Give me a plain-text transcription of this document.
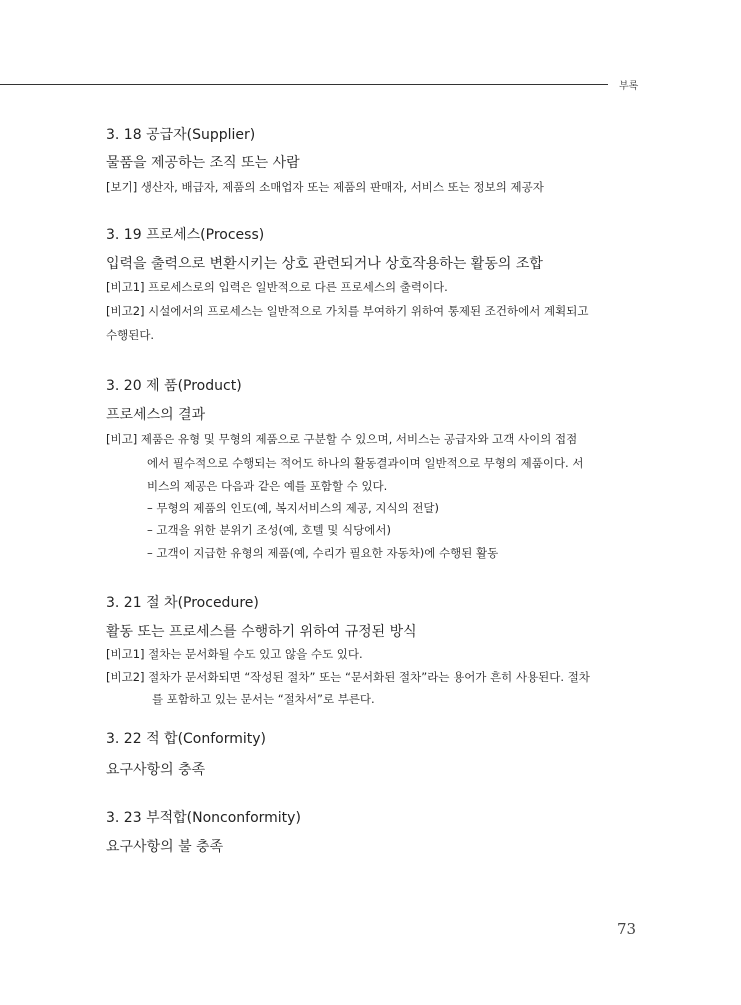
부록
3. 18 공급자(Supplier)
물품을 제공하는 조직 또는 사람
[보기] 생산자, 배급자, 제품의 소매업자 또는 제품의 판매자, 서비스 또는 정보의 제공자
3. 19 프로세스(Process)
입력을 출력으로 변환시키는 상호 관련되거나 상호작용하는 활동의 조합
[비고1] 프로세스로의 입력은 일반적으로 다른 프로세스의 출력이다.
[비고2] 시설에서의 프로세스는 일반적으로 가치를 부여하기 위하여 통제된 조건하에서 계획되고
수행된다.
3. 20 제 품(Product)
프로세스의 결과
[비고] 제품은 유형 및 무형의 제품으로 구분할 수 있으며, 서비스는 공급자와 고객 사이의 접점
에서 필수적으로 수행되는 적어도 하나의 활동결과이며 일반적으로 무형의 제품이다. 서
비스의 제공은 다음과 같은 예를 포함할 수 있다.
– 무형의 제품의 인도(예, 복지서비스의 제공, 지식의 전달)
– 고객을 위한 분위기 조성(예, 호텔 및 식당에서)
– 고객이 지급한 유형의 제품(예, 수리가 필요한 자동차)에 수행된 활동
3. 21 절 차(Procedure)
활동 또는 프로세스를 수행하기 위하여 규정된 방식
[비고1] 절차는 문서화될 수도 있고 않을 수도 있다.
[비고2] 절차가 문서화되면 “작성된 절차” 또는 “문서화된 절차”라는 용어가 흔히 사용된다. 절차
를 포함하고 있는 문서는 “절차서”로 부른다.
3. 22 적 합(Conformity)
요구사항의 충족
3. 23 부적합(Nonconformity)
요구사항의 불 충족
73
